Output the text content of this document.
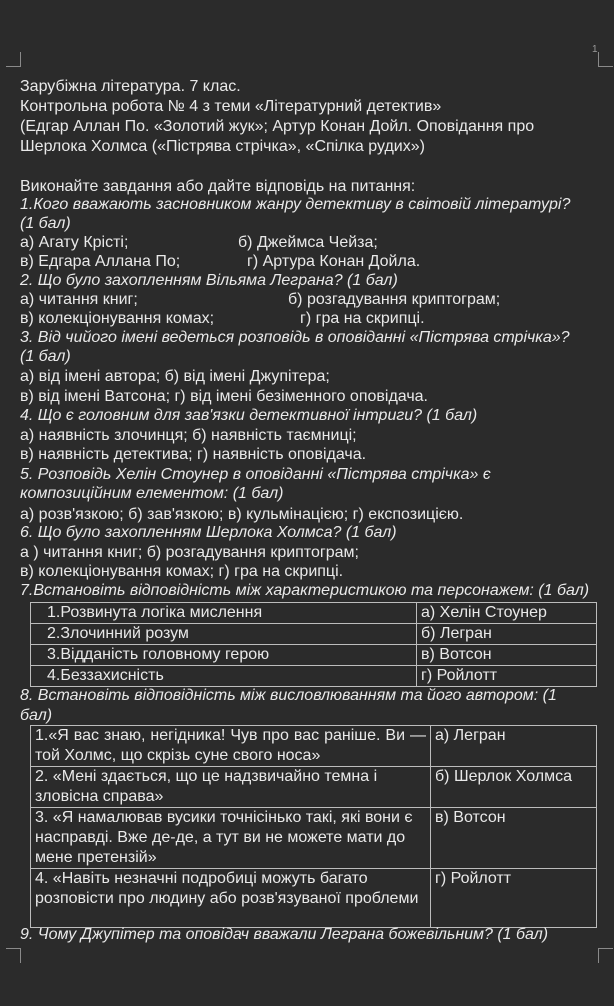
1
Зарубіжна література. 7 клас.
Контрольна робота № 4 з теми «Літературний детектив»
(Едгар Аллан По. «Золотий жук»; Артур Конан Дойл. Оповідання про
Шерлока Холмса («Пістрява стрічка», «Спілка рудих»)
Виконайте завдання або дайте відповідь на питання:
1.Кого вважають засновником жанру детективу в світовій літературі?
(1 бал)
а) Агату Крісті;	б) Джеймса Чейза;
в) Едгара Аллана По;	г) Артура Конан Дойла.
2. Що було захопленням Вільяма Леграна? (1 бал)
а) читання книг;	б) розгадування криптограм;
в) колекціонування комах;	г) гра на скрипці.
3. Від чийого імені ведеться розповідь в оповіданні «Пістрява стрічка»?
(1 бал)
а) від імені автора; б) від імені Джупітера;
в) від імені Ватсона; г) від імені безіменного оповідача.
4. Що є головним для зав'язки детективної інтриги? (1 бал)
а) наявність злочинця; б) наявність таємниці;
в) наявність детектива; г) наявність оповідача.
5. Розповідь Хелін Стоунер в оповіданні «Пістрява стрічка» є
композиційним елементом: (1 бал)
а) розв'язкою; б) зав'язкою; в) кульмінацією; г) експозицією.
6. Що було захопленням Шерлока Холмса? (1 бал)
а ) читання книг; б) розгадування криптограм;
в) колекціонування комах; г) гра на скрипці.
7.Встановіть відповідність між характеристикою та персонажем: (1 бал)
1.Розвинута логіка мислення	а) Хелін Стоунер
2.Злочинний розум	б) Легран
3.Відданість головному герою	в) Вотсон
4.Беззахисність	г) Ройлотт
8. Встановіть відповідність між висловлюванням та його автором: (1
бал)
1.«Я вас знаю, негідника! Чув про вас раніше. Ви — той Холмс, що скрізь суне свого носа»	а) Легран
2. «Мені здається, що це надзвичайно темна і зловісна справа»	б) Шерлок Холмса
3. «Я намалював вусики точнісінько такі, які вони є насправді. Вже де-де, а тут ви не можете мати до мене претензій»	в) Вотсон
4. «Навіть незначні подробиці можуть багато розповісти про людину або розв'язуваної проблеми	г) Ройлотт
9. Чому Джупітер та оповідач вважали Леграна божевільним? (1 бал)
